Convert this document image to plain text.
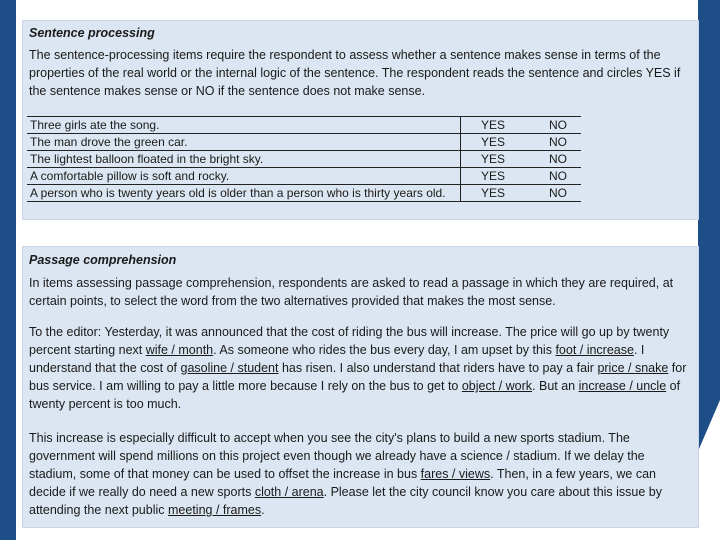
Sentence processing
The sentence-processing items require the respondent to assess whether a sentence makes sense in terms of the properties of the real world or the internal logic of the sentence. The respondent reads the sentence and circles YES if the sentence makes sense or NO if the sentence does not make sense.
Three girls ate the song.	YES	NO
The man drove the green car.	YES	NO
The lightest balloon floated in the bright sky.	YES	NO
A comfortable pillow is soft and rocky.	YES	NO
A person who is twenty years old is older than a person who is thirty years old.	YES	NO
Passage comprehension
In items assessing passage comprehension, respondents are asked to read a passage in which they are required, at certain points, to select the word from the two alternatives provided that makes the most sense.
To the editor: Yesterday, it was announced that the cost of riding the bus will increase. The price will go up by twenty percent starting next wife / month. As someone who rides the bus every day, I am upset by this foot / increase. I understand that the cost of gasoline / student has risen. I also understand that riders have to pay a fair price / snake for bus service. I am willing to pay a little more because I rely on the bus to get to object / work. But an increase / uncle of twenty percent is too much.
This increase is especially difficult to accept when you see the city's plans to build a new sports stadium. The government will spend millions on this project even though we already have a science / stadium. If we delay the stadium, some of that money can be used to offset the increase in bus fares / views. Then, in a few years, we can decide if we really do need a new sports cloth / arena. Please let the city council know you care about this issue by attending the next public meeting / frames.
